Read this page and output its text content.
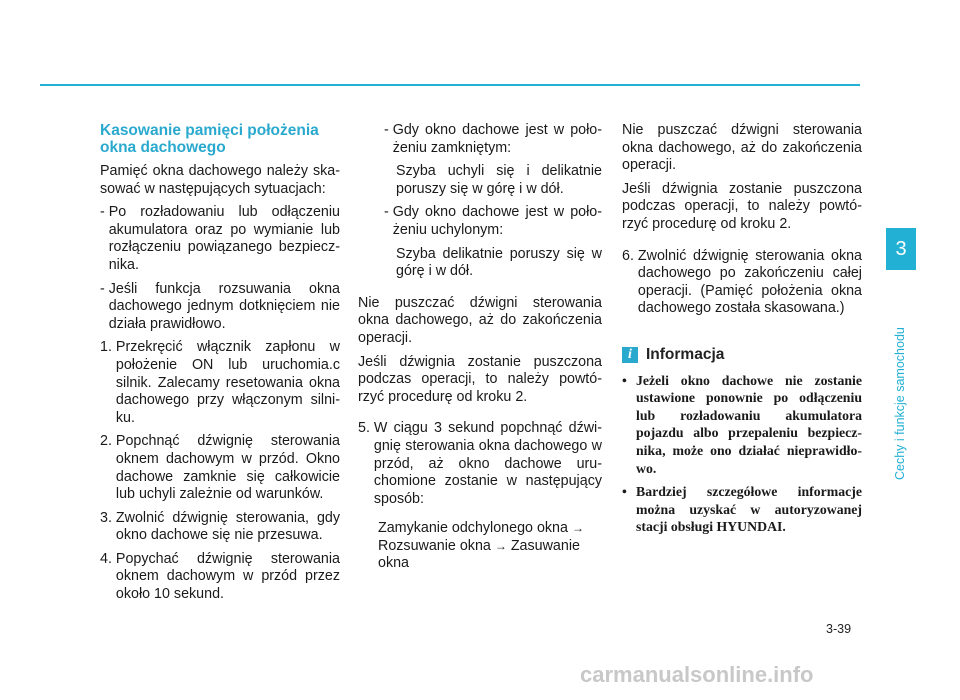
Kasowanie pamięci położenia okna dachowego

Pamięć okna dachowego należy ska-sować w następujących sytuacjach:

- Po rozładowaniu lub odłączeniu akumulatora oraz po wymianie lub rozłączeniu powiązanego bezpiecz-nika.
- Jeśli funkcja rozsuwania okna dachowego jednym dotknięciem nie działa prawidłowo.
1. Przekręcić włącznik zapłonu w położenie ON lub uruchomia.c silnik. Zalecamy resetowania okna dachowego przy włączonym silni-ku.
2. Popchnąć dźwignię sterowania oknem dachowym w przód. Okno dachowe zamknie się całkowicie lub uchyli zależnie od warunków.
3. Zwolnić dźwignię sterowania, gdy okno dachowe się nie przesuwa.
4. Popychać dźwignię sterowania oknem dachowym w przód przez około 10 sekund.
- Gdy okno dachowe jest w poło-żeniu zamkniętym:

Szyba uchyli się i delikatnie poruszy się w górę i w dół.

- Gdy okno dachowe jest w poło-żeniu uchylonym:

Szyba delikatnie poruszy się w górę i w dół.

Nie puszczać dźwigni sterowania okna dachowego, aż do zakończenia operacji.

Jeśli dźwignia zostanie puszczona podczas operacji, to należy powtó-rzyć procedurę od kroku 2.

5. W ciągu 3 sekund popchnąć dźwi-gnię sterowania okna dachowego w przód, aż okno dachowe uru-chomione zostanie w następujący sposób:
Zamykanie odchylonego okna →
Rozsuwanie okna → Zasuwanie okna

Nie puszczać dźwigni sterowania okna dachowego, aż do zakończenia operacji.

Jeśli dźwignia zostanie puszczona podczas operacji, to należy powtó-rzyć procedurę od kroku 2.

6. Zwolnić dźwignię sterowania okna dachowego po zakończeniu całej operacji. (Pamięć położenia okna dachowego została skasowana.)
i Informacja
• Jeżeli okno dachowe nie zostanie ustawione ponownie po odłączeniu lub rozładowaniu akumulatora pojazdu albo przepaleniu bezpiecz-nika, może ono działać nieprawidło-wo.
• Bardziej szczegółowe informacje można uzyskać w autoryzowanej stacji obsługi HYUNDAI.
3
Cechy i funkcje samochodu
3-39
carmanualsonline.info
